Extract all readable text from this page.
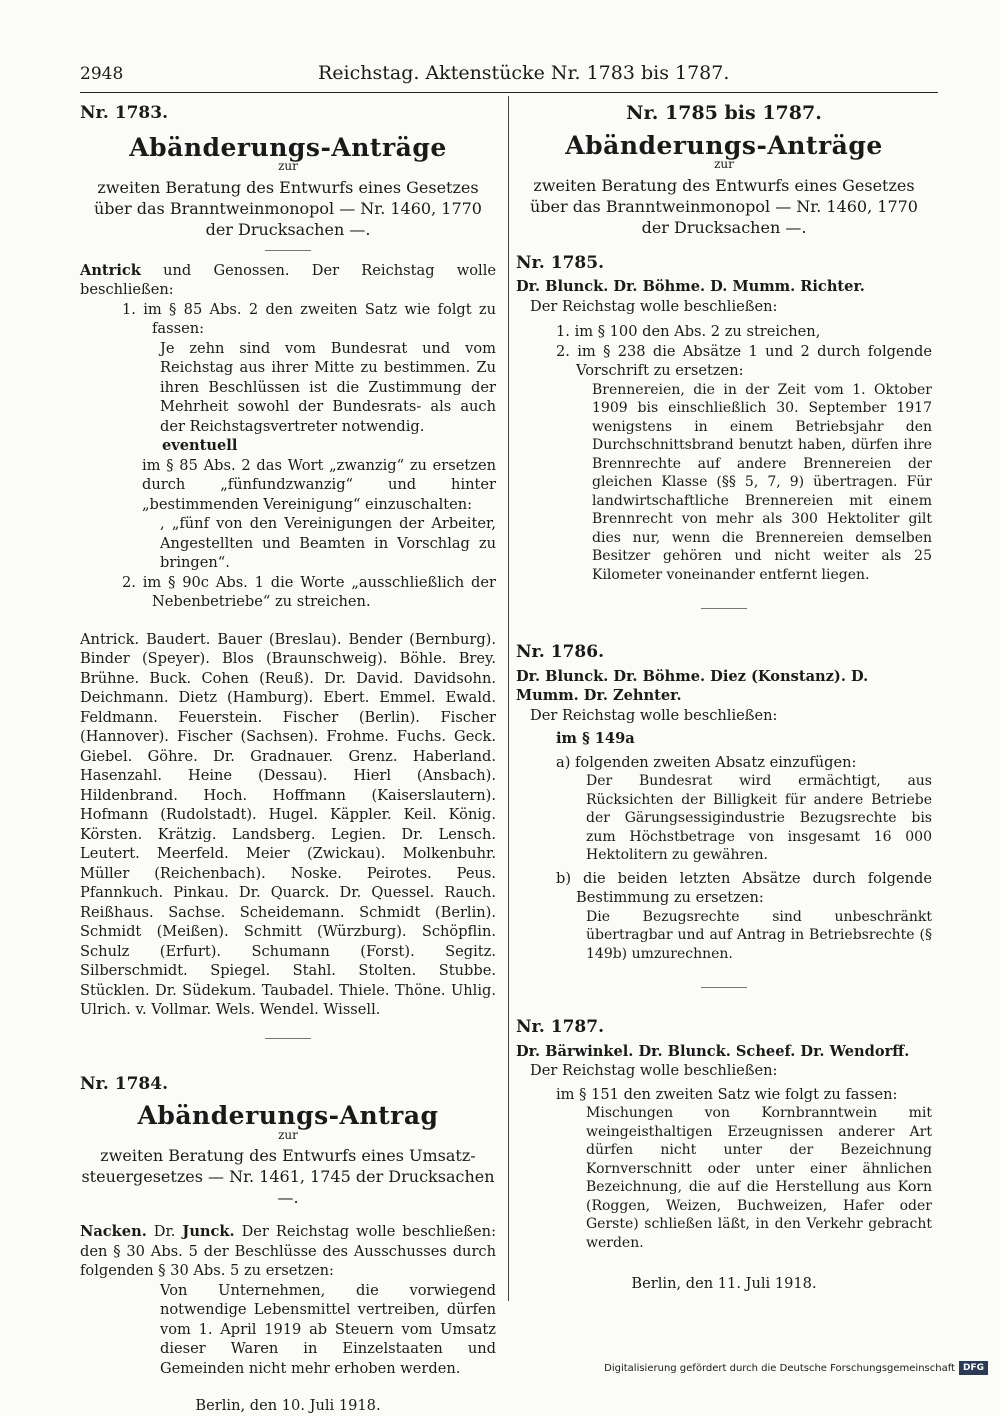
2948	Reichstag. Aktenstücke Nr. 1783 bis 1787.

Nr. 1783.

Abänderungs-Anträge

zur

zweiten Beratung des Entwurfs eines Gesetzes

über das Branntweinmonopol — Nr. 1460, 1770

der Drucksachen —.

Antrick und Genossen. Der Reichstag wolle beschließen:

1. im § 85 Abs. 2 den zweiten Satz wie folgt zu fassen:

Je zehn sind vom Bundesrat und vom Reichstag aus ihrer Mitte zu bestimmen. Zu ihren Beschlüssen ist die Zustimmung der Mehrheit sowohl der Bundesrats- als auch der Reichstagsvertreter notwendig.

eventuell

im § 85 Abs. 2 das Wort „zwanzig“ zu ersetzen durch „fünfundzwanzig“ und hinter „bestimmenden Vereinigung“ einzuschalten:

, „fünf von den Vereinigungen der Arbeiter, Angestellten und Beamten in Vorschlag zu bringen“.

2. im § 90c Abs. 1 die Worte „ausschließlich der Nebenbetriebe“ zu streichen.

Antrick. Baudert. Bauer (Breslau). Bender (Bernburg). Binder (Speyer). Blos (Braunschweig). Böhle. Brey. Brühne. Buck. Cohen (Reuß). Dr. David. Davidsohn. Deichmann. Dietz (Hamburg). Ebert. Emmel. Ewald. Feldmann. Feuerstein. Fischer (Berlin). Fischer (Hannover). Fischer (Sachsen). Frohme. Fuchs. Geck. Giebel. Göhre. Dr. Gradnauer. Grenz. Haberland. Hasenzahl. Heine (Dessau). Hierl (Ansbach). Hildenbrand. Hoch. Hoffmann (Kaiserslautern). Hofmann (Rudolstadt). Hugel. Käppler. Keil. König. Körsten. Krätzig. Landsberg. Legien. Dr. Lensch. Leutert. Meerfeld. Meier (Zwickau). Molkenbuhr. Müller (Reichenbach). Noske. Peirotes. Peus. Pfannkuch. Pinkau. Dr. Quarck. Dr. Quessel. Rauch. Reißhaus. Sachse. Scheidemann. Schmidt (Berlin). Schmidt (Meißen). Schmitt (Würzburg). Schöpflin. Schulz (Erfurt). Schumann (Forst). Segitz. Silberschmidt. Spiegel. Stahl. Stolten. Stubbe. Stücklen. Dr. Südekum. Taubadel. Thiele. Thöne. Uhlig. Ulrich. v. Vollmar. Wels. Wendel. Wissell.

Nr. 1784.

Abänderungs-Antrag

zur

zweiten Beratung des Entwurfs eines Umsatz-

steuergesetzes — Nr. 1461, 1745 der Drucksachen —.

Nacken. Dr. Junck. Der Reichstag wolle beschließen: den § 30 Abs. 5 der Beschlüsse des Ausschusses durch folgenden § 30 Abs. 5 zu ersetzen:

Von Unternehmen, die vorwiegend notwendige Lebensmittel vertreiben, dürfen vom 1. April 1919 ab Steuern vom Umsatz dieser Waren in Einzelstaaten und Gemeinden nicht mehr erhoben werden.

Berlin, den 10. Juli 1918.

Nr. 1785 bis 1787.

Abänderungs-Anträge

zur

zweiten Beratung des Entwurfs eines Gesetzes

über das Branntweinmonopol — Nr. 1460, 1770

der Drucksachen —.

Nr. 1785.

Dr. Blunck. Dr. Böhme. D. Mumm. Richter.

Der Reichstag wolle beschließen:

1. im § 100 den Abs. 2 zu streichen,

2. im § 238 die Absätze 1 und 2 durch folgende Vorschrift zu ersetzen:

Brennereien, die in der Zeit vom 1. Oktober 1909 bis einschließlich 30. September 1917 wenigstens in einem Betriebsjahr den Durchschnittsbrand benutzt haben, dürfen ihre Brennrechte auf andere Brennereien der gleichen Klasse (§§ 5, 7, 9) übertragen. Für landwirtschaftliche Brennereien mit einem Brennrecht von mehr als 300 Hektoliter gilt dies nur, wenn die Brennereien demselben Besitzer gehören und nicht weiter als 25 Kilometer voneinander entfernt liegen.

Nr. 1786.

Dr. Blunck. Dr. Böhme. Diez (Konstanz). D. Mumm. Dr. Zehnter.

Der Reichstag wolle beschließen:

im § 149a

a) folgenden zweiten Absatz einzufügen:

Der Bundesrat wird ermächtigt, aus Rücksichten der Billigkeit für andere Betriebe der Gärungsessigindustrie Bezugsrechte bis zum Höchstbetrage von insgesamt 16 000 Hektolitern zu gewähren.

b) die beiden letzten Absätze durch folgende Bestimmung zu ersetzen:

Die Bezugsrechte sind unbeschränkt übertragbar und auf Antrag in Betriebsrechte (§ 149b) umzurechnen.

Nr. 1787.

Dr. Bärwinkel. Dr. Blunck. Scheef. Dr. Wendorff.

Der Reichstag wolle beschließen:

im § 151 den zweiten Satz wie folgt zu fassen:

Mischungen von Kornbranntwein mit weingeisthaltigen Erzeugnissen anderer Art dürfen nicht unter der Bezeichnung Kornverschnitt oder unter einer ähnlichen Bezeichnung, die auf die Herstellung aus Korn (Roggen, Weizen, Buchweizen, Hafer oder Gerste) schließen läßt, in den Verkehr gebracht werden.

Berlin, den 11. Juli 1918.

Digitalisierung gefördert durch die Deutsche Forschungsgemeinschaft DFG
